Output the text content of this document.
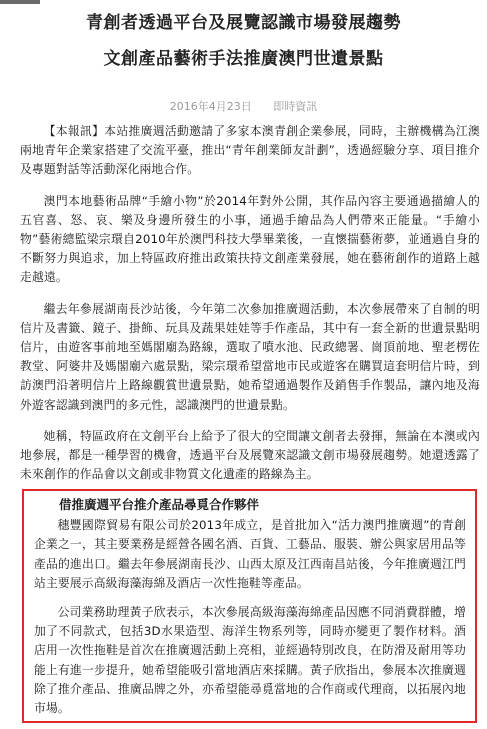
青創者透過平台及展覽認識市場發展趨勢
文創產品藝術手法推廣澳門世遺景點
2016年4月23日 即時資訊

【本報訊】本站推廣週活動邀請了多家本澳青創企業參展，同時，主辦機構為江澳兩地青年企業家搭建了交流平臺，推出“青年創業師友計劃”，透過經驗分享、項目推介及專題對話等活動深化兩地合作。

澳門本地藝術品牌“手繪小物”於2014年對外公開，其作品內容主要通過描繪人的五官喜、怒、哀、樂及身邊所發生的小事，通過手繪品為人們帶來正能量。“手繪小物”藝術總監梁宗環自2010年於澳門科技大學畢業後，一直懷揣藝術夢，並通過自身的不斷努力與追求，加上特區政府推出政策扶持文創產業發展，她在藝術創作的道路上越走越遠。

繼去年參展湖南長沙站後，今年第二次參加推廣週活動，本次參展帶來了自制的明信片及書籤、鏡子、掛飾、玩具及蔬果娃娃等手作產品，其中有一套全新的世遺景點明信片，由遊客事前地至媽閣廟為路線，選取了噴水池、民政總署、崗頂前地、聖老楞佐教堂、阿婆井及媽閣廟六處景點，梁宗環希望當地市民或遊客在購買這套明信片時，到訪澳門沿著明信片上路線觀賞世遺景點，她希望通過製作及銷售手作製品，讓內地及海外遊客認識到澳門的多元性，認識澳門的世遺景點。

她稱，特區政府在文創平台上給予了很大的空間讓文創者去發揮，無論在本澳或內地參展，都是一種學習的機會，透過平台及展覽來認識文創市場發展趨勢。她還透露了未來創作的作品會以文創或非物質文化遺產的路線為主。

借推廣週平台推介產品尋覓合作夥伴

穗豐國際貿易有限公司於2013年成立，是首批加入“活力澳門推廣週”的青創企業之一，其主要業務是經營各國名酒、百貨、工藝品、服裝、辦公與家居用品等產品的進出口。繼去年參展湖南長沙、山西太原及江西南昌站後，今年推廣週江門站主要展示高級海藻海綿及酒店一次性拖鞋等產品。

公司業務助理黃子欣表示，本次參展高級海藻海綿產品因應不同消費群體，增加了不同款式，包括3D水果造型、海洋生物系列等，同時亦變更了製作材料。酒店用一次性拖鞋是首次在推廣週活動上亮相，並經過特別改良，在防滑及耐用等功能上有進一步提升，她希望能吸引當地酒店來採購。黃子欣指出，參展本次推廣週除了推介產品、推廣品牌之外，亦希望能尋覓當地的合作商或代理商，以拓展內地市場。
